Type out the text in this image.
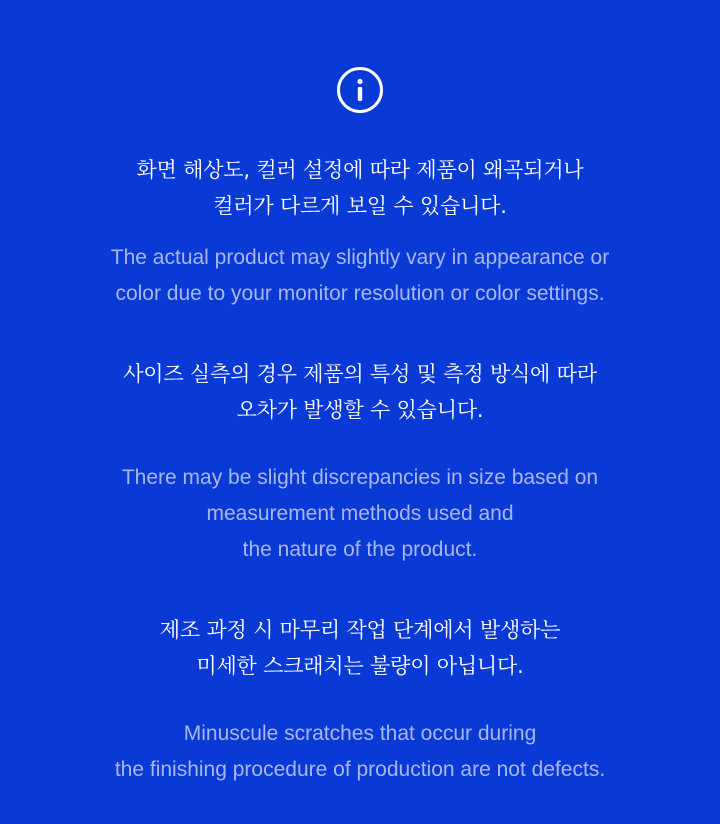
화면 해상도, 컬러 설정에 따라 제품이 왜곡되거나
컬러가 다르게 보일 수 있습니다.
The actual product may slightly vary in appearance or
color due to your monitor resolution or color settings.
사이즈 실측의 경우 제품의 특성 및 측정 방식에 따라
오차가 발생할 수 있습니다.
There may be slight discrepancies in size based on
measurement methods used and
the nature of the product.
제조 과정 시 마무리 작업 단계에서 발생하는
미세한 스크래치는 불량이 아닙니다.
Minuscule scratches that occur during
the finishing procedure of production are not defects.
